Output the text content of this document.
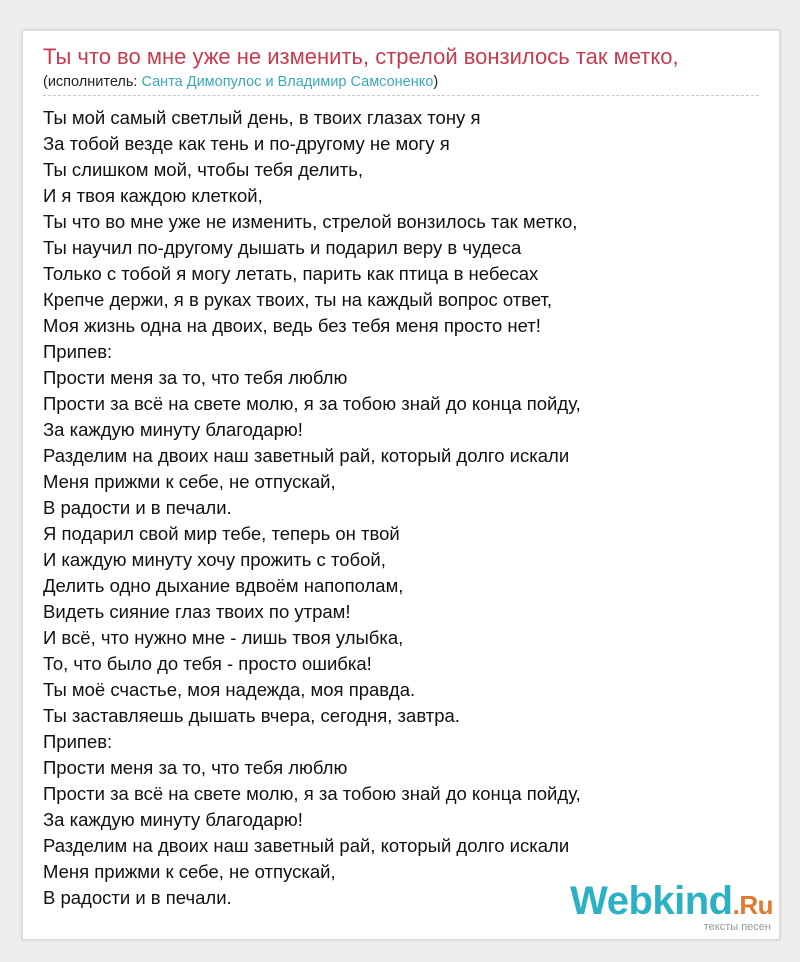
Ты что во мне уже не изменить, стрелой вонзилось так метко,
(исполнитель: Санта Димопулос и Владимир Самсоненко)
Ты мой самый светлый день, в твоих глазах тону я
За тобой везде как тень и по-другому не могу я
Ты слишком мой, чтобы тебя делить,
И я твоя каждою клеткой,
Ты что во мне уже не изменить, стрелой вонзилось так метко,
Ты научил по-другому дышать и подарил веру в чудеса
Только с тобой я могу летать, парить как птица в небесах
Крепче держи, я в руках твоих, ты на каждый вопрос ответ,
Моя жизнь одна на двоих, ведь без тебя меня просто нет!
Припев:
Прости меня за то, что тебя люблю
Прости за всё на свете молю, я за тобою знай до конца пойду,
За каждую минуту благодарю!
Разделим на двоих наш заветный рай, который долго искали
Меня прижми к себе, не отпускай,
В радости и в печали.
Я подарил свой мир тебе, теперь он твой
И каждую минуту хочу прожить с тобой,
Делить одно дыхание вдвоём напополам,
Видеть сияние глаз твоих по утрам!
И всё, что нужно мне - лишь твоя улыбка,
То, что было до тебя - просто ошибка!
Ты моё счастье, моя надежда, моя правда.
Ты заставляешь дышать вчера, сегодня, завтра.
Припев:
Прости меня за то, что тебя люблю
Прости за всё на свете молю, я за тобою знай до конца пойду,
За каждую минуту благодарю!
Разделим на двоих наш заветный рай, который долго искали
Меня прижми к себе, не отпускай,
В радости и в печали.	Webkind.Ru
тексты песен
